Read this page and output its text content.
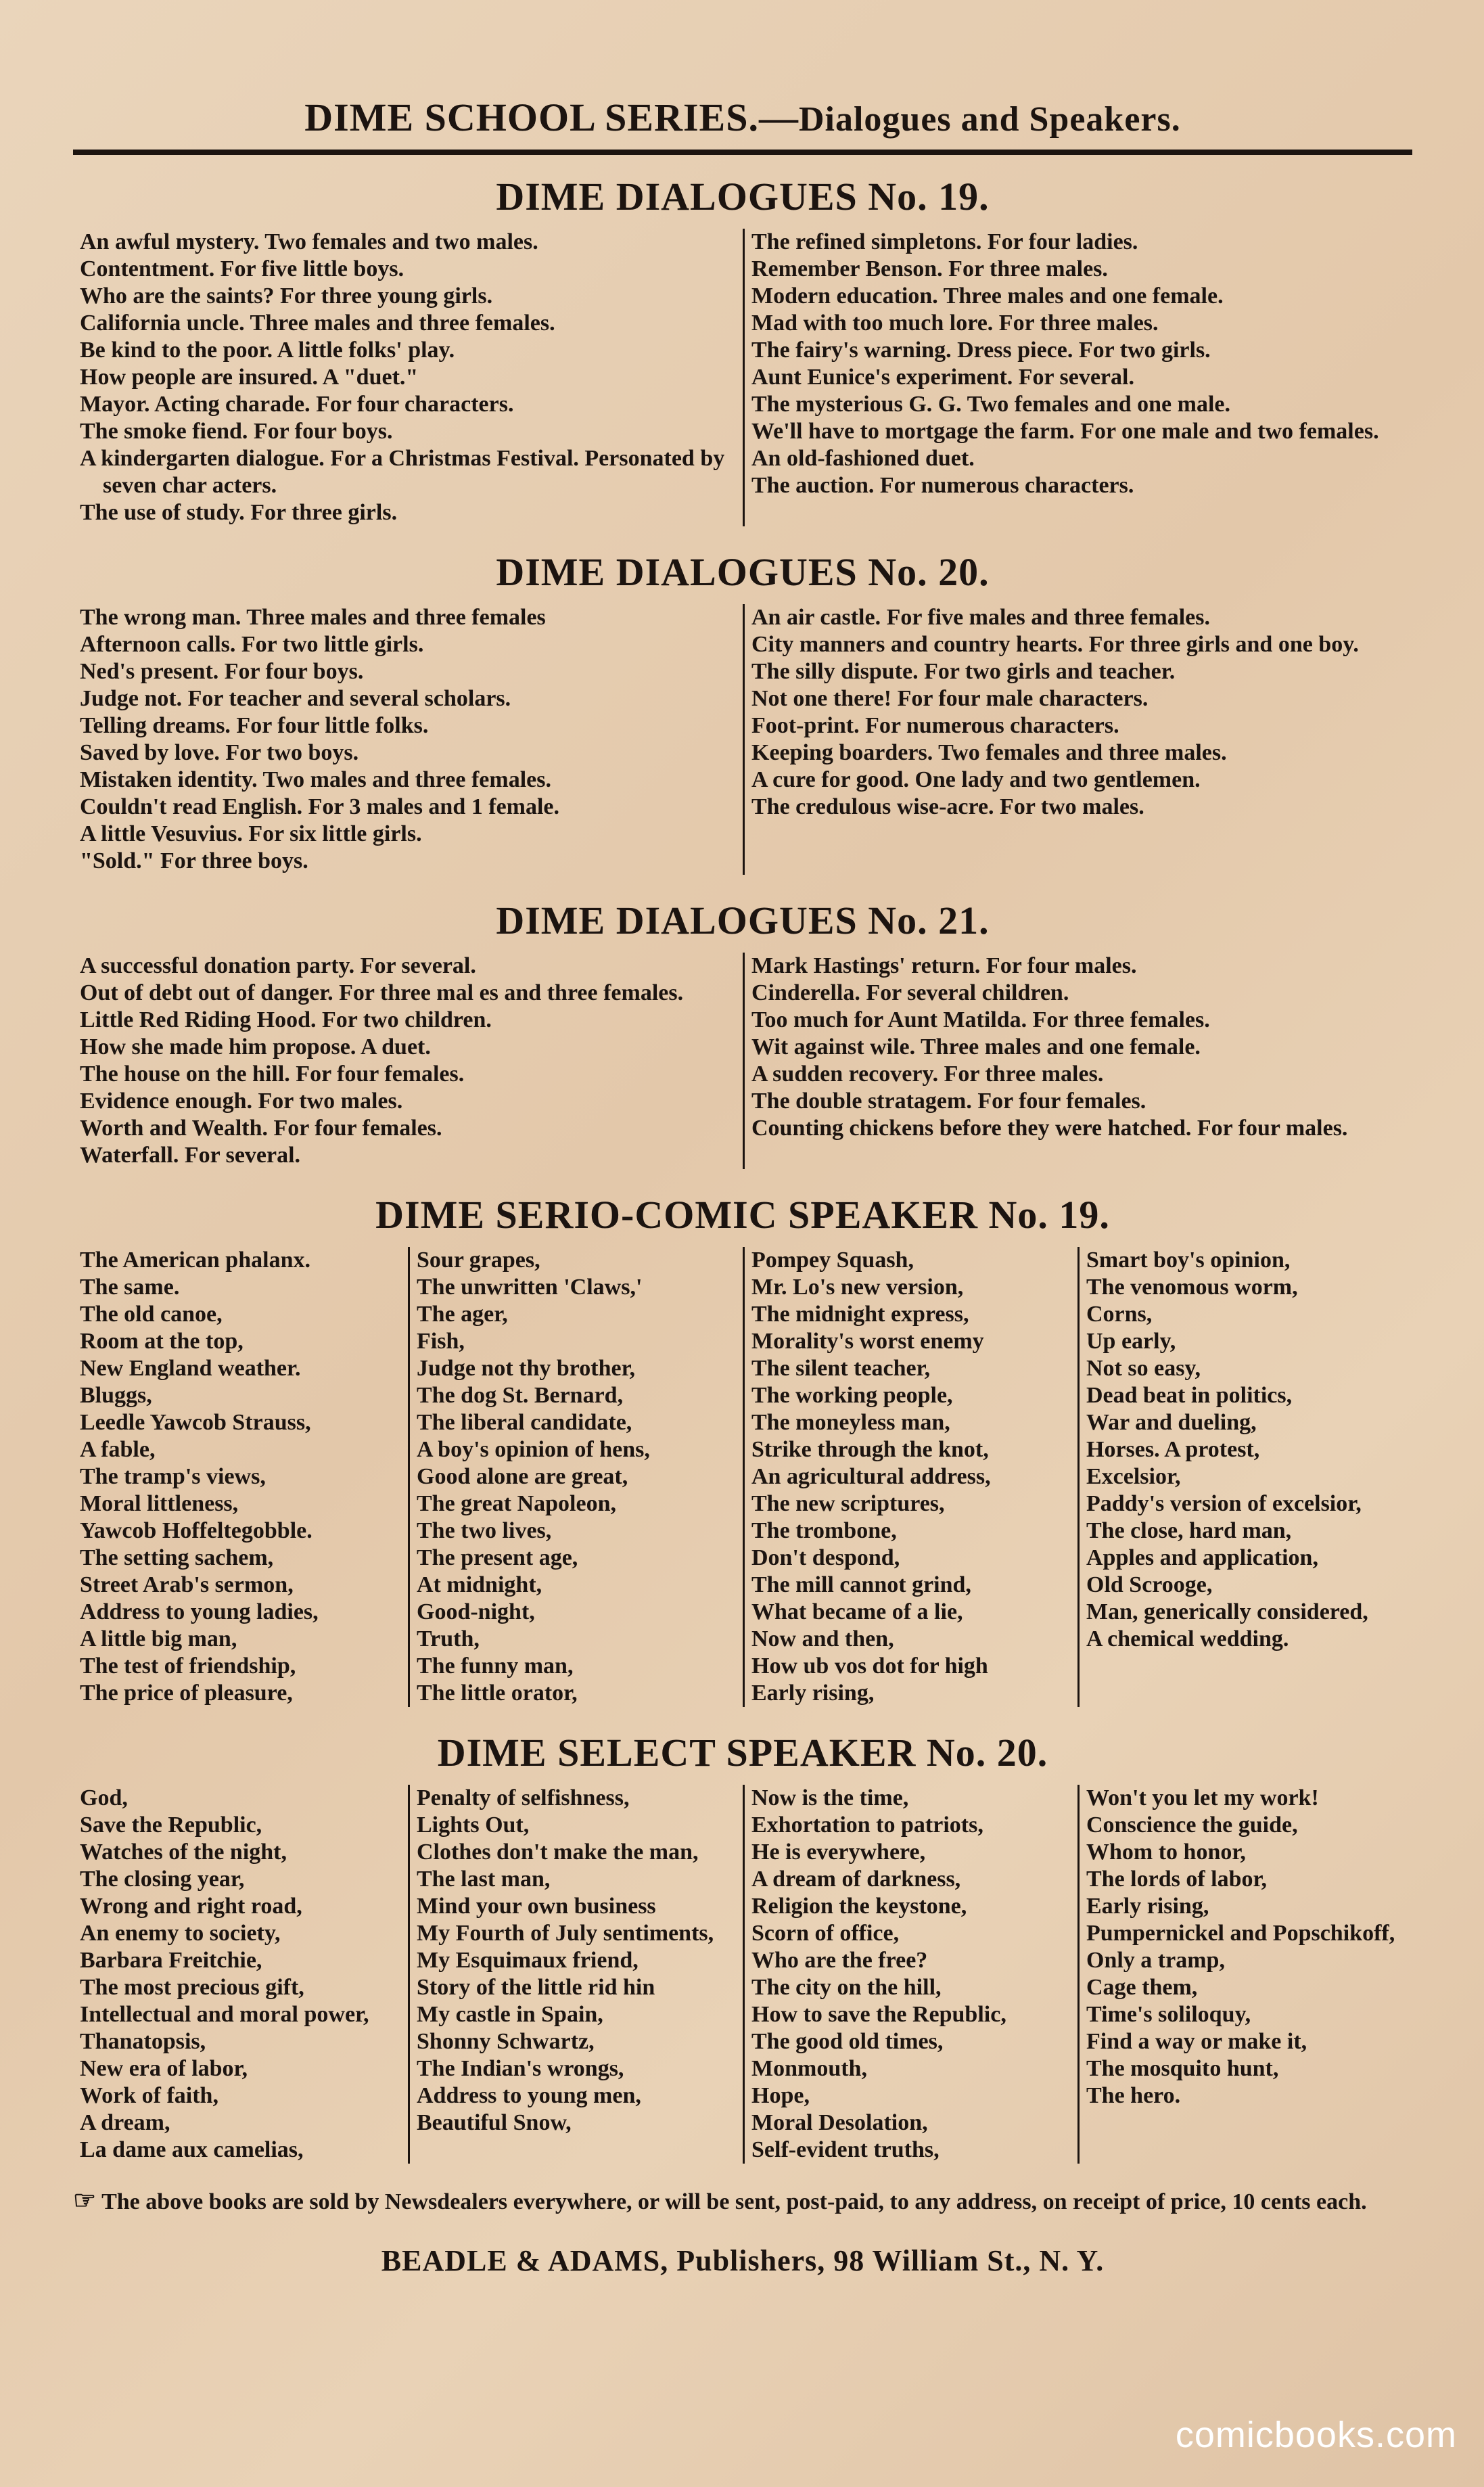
DIME SCHOOL SERIES.—Dialogues and Speakers.
DIME DIALOGUES No. 19.
An awful mystery. Two females and two males.
Contentment. For five little boys.
Who are the saints? For three young girls.
California uncle. Three males and three females.
Be kind to the poor. A little folks' play.
How people are insured. A "duet."
Mayor. Acting charade. For four characters.
The smoke fiend. For four boys.
A kindergarten dialogue. For a Christmas Festival. Personated by seven char acters.
The use of study. For three girls.
The refined simpletons. For four ladies.
Remember Benson. For three males.
Modern education. Three males and one female.
Mad with too much lore. For three males.
The fairy's warning. Dress piece. For two girls.
Aunt Eunice's experiment. For several.
The mysterious G. G. Two females and one male.
We'll have to mortgage the farm. For one male and two females.
An old-fashioned duet.
The auction. For numerous characters.
DIME DIALOGUES No. 20.
The wrong man. Three males and three females
Afternoon calls. For two little girls.
Ned's present. For four boys.
Judge not. For teacher and several scholars.
Telling dreams. For four little folks.
Saved by love. For two boys.
Mistaken identity. Two males and three females.
Couldn't read English. For 3 males and 1 female.
A little Vesuvius. For six little girls.
"Sold." For three boys.
An air castle. For five males and three females.
City manners and country hearts. For three girls and one boy.
The silly dispute. For two girls and teacher.
Not one there! For four male characters.
Foot-print. For numerous characters.
Keeping boarders. Two females and three males.
A cure for good. One lady and two gentlemen.
The credulous wise-acre. For two males.
DIME DIALOGUES No. 21.
A successful donation party. For several.
Out of debt out of danger. For three mal es and three females.
Little Red Riding Hood. For two children.
How she made him propose. A duet.
The house on the hill. For four females.
Evidence enough. For two males.
Worth and Wealth. For four females.
Waterfall. For several.
Mark Hastings' return. For four males.
Cinderella. For several children.
Too much for Aunt Matilda. For three females.
Wit against wile. Three males and one female.
A sudden recovery. For three males.
The double stratagem. For four females.
Counting chickens before they were hatched. For four males.
DIME SERIO-COMIC SPEAKER No. 19.
The American phalanx.
The same.
The old canoe,
Room at the top,
New England weather.
Bluggs,
Leedle Yawcob Strauss,
A fable,
The tramp's views,
Moral littleness,
Yawcob Hoffeltegobble.
The setting sachem,
Street Arab's sermon,
Address to young ladies,
A little big man,
The test of friendship,
The price of pleasure,
Sour grapes,
The unwritten 'Claws,'
The ager,
Fish,
Judge not thy brother,
The dog St. Bernard,
The liberal candidate,
A boy's opinion of hens,
Good alone are great,
The great Napoleon,
The two lives,
The present age,
At midnight,
Good-night,
Truth,
The funny man,
The little orator,
Pompey Squash,
Mr. Lo's new version,
The midnight express,
Morality's worst enemy
The silent teacher,
The working people,
The moneyless man,
Strike through the knot,
An agricultural address,
The new scriptures,
The trombone,
Don't despond,
The mill cannot grind,
What became of a lie,
Now and then,
How ub vos dot for high
Early rising,
Smart boy's opinion,
The venomous worm,
Corns,
Up early,
Not so easy,
Dead beat in politics,
War and dueling,
Horses. A protest,
Excelsior,
Paddy's version of excelsior,
The close, hard man,
Apples and application,
Old Scrooge,
Man, generically considered,
A chemical wedding.
DIME SELECT SPEAKER No. 20.
God,
Save the Republic,
Watches of the night,
The closing year,
Wrong and right road,
An enemy to society,
Barbara Freitchie,
The most precious gift,
Intellectual and moral power,
Thanatopsis,
New era of labor,
Work of faith,
A dream,
La dame aux camelias,
Penalty of selfishness,
Lights Out,
Clothes don't make the man,
The last man,
Mind your own business
My Fourth of July sentiments,
My Esquimaux friend,
Story of the little rid hin
My castle in Spain,
Shonny Schwartz,
The Indian's wrongs,
Address to young men,
Beautiful Snow,
Now is the time,
Exhortation to patriots,
He is everywhere,
A dream of darkness,
Religion the keystone,
Scorn of office,
Who are the free?
The city on the hill,
How to save the Republic,
The good old times,
Monmouth,
Hope,
Moral Desolation,
Self-evident truths,
Won't you let my work!
Conscience the guide,
Whom to honor,
The lords of labor,
Early rising,
Pumpernickel and Popschikoff,
Only a tramp,
Cage them,
Time's soliloquy,
Find a way or make it,
The mosquito hunt,
The hero.
☞ The above books are sold by Newsdealers everywhere, or will be sent, post-paid, to any address, on receipt of price, 10 cents each.
BEADLE & ADAMS, Publishers, 98 William St., N. Y.
comicbooks.com
